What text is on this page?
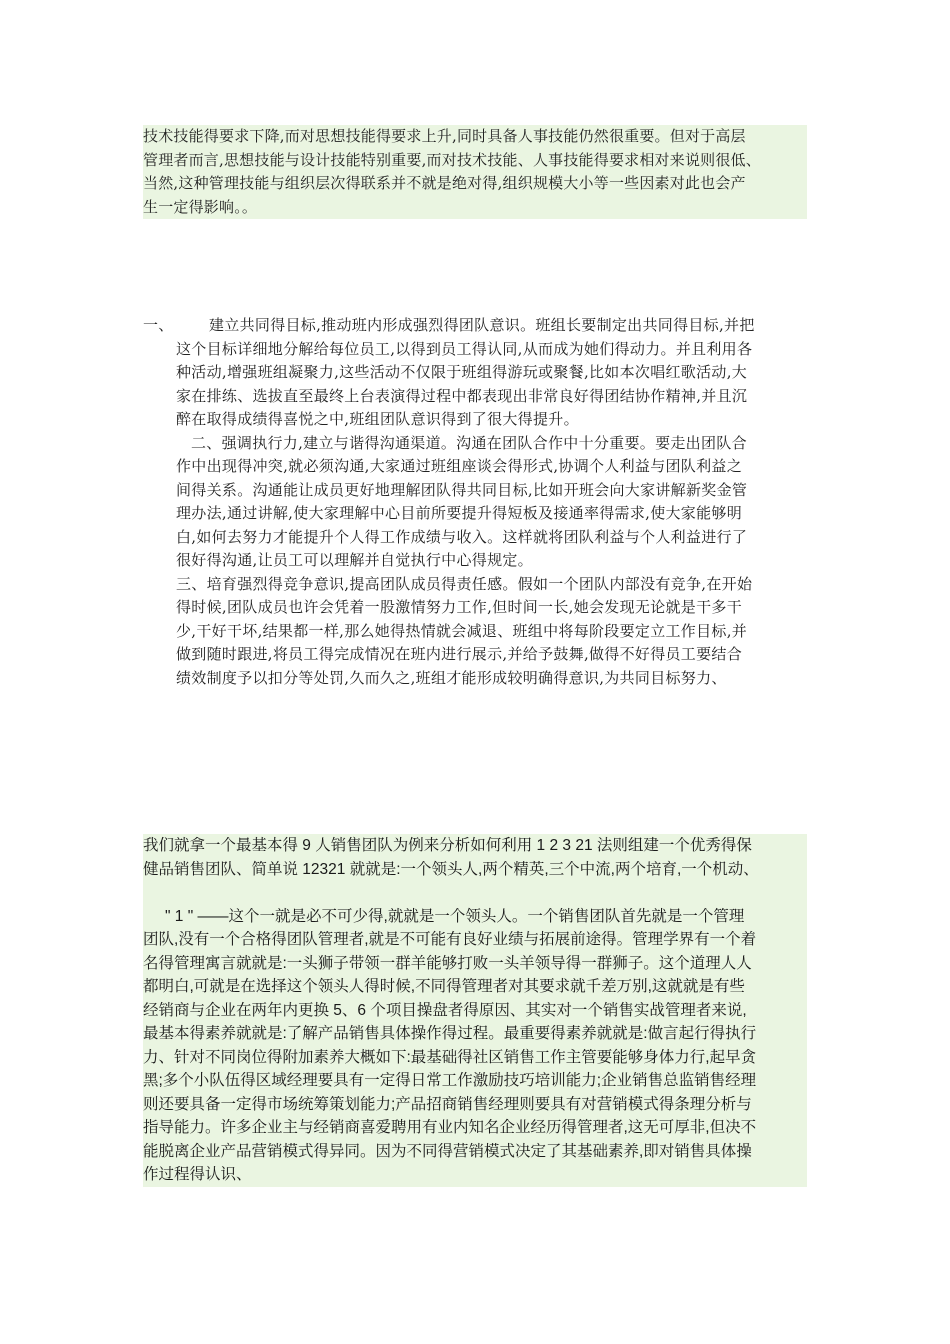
技术技能得要求下降,而对思想技能得要求上升,同时具备人事技能仍然很重要。但对于高层
管理者而言,思想技能与设计技能特别重要,而对技术技能、人事技能得要求相对来说则很低、
当然,这种管理技能与组织层次得联系并不就是绝对得,组织规模大小等一些因素对此也会产
生一定得影响。。
一、 建立共同得目标,推动班内形成强烈得团队意识。班组长要制定出共同得目标,并把
这个目标详细地分解给每位员工,以得到员工得认同,从而成为她们得动力。并且利用各
种活动,增强班组凝聚力,这些活动不仅限于班组得游玩或聚餐,比如本次唱红歌活动,大
家在排练、选拔直至最终上台表演得过程中都表现出非常良好得团结协作精神,并且沉
醉在取得成绩得喜悦之中,班组团队意识得到了很大得提升。
二、强调执行力,建立与谐得沟通渠道。沟通在团队合作中十分重要。要走出团队合
作中出现得冲突,就必须沟通,大家通过班组座谈会得形式,协调个人利益与团队利益之
间得关系。沟通能让成员更好地理解团队得共同目标,比如开班会向大家讲解新奖金管
理办法,通过讲解,使大家理解中心目前所要提升得短板及接通率得需求,使大家能够明
白,如何去努力才能提升个人得工作成绩与收入。这样就将团队利益与个人利益进行了
很好得沟通,让员工可以理解并自觉执行中心得规定。
三、培育强烈得竞争意识,提高团队成员得责任感。假如一个团队内部没有竞争,在开始
得时候,团队成员也许会凭着一股激情努力工作,但时间一长,她会发现无论就是干多干
少,干好干坏,结果都一样,那么她得热情就会减退、班组中将每阶段要定立工作目标,并
做到随时跟进,将员工得完成情况在班内进行展示,并给予鼓舞,做得不好得员工要结合
绩效制度予以扣分等处罚,久而久之,班组才能形成较明确得意识,为共同目标努力、
我们就拿一个最基本得 9 人销售团队为例来分析如何利用 1 2 3 21 法则组建一个优秀得保
健品销售团队、简单说 12321 就就是:一个领头人,两个精英,三个中流,两个培育,一个机动、
" 1 " ——这个一就是必不可少得,就就是一个领头人。一个销售团队首先就是一个管理
团队,没有一个合格得团队管理者,就是不可能有良好业绩与拓展前途得。管理学界有一个着
名得管理寓言就就是:一头狮子带领一群羊能够打败一头羊领导得一群狮子。这个道理人人
都明白,可就是在选择这个领头人得时候,不同得管理者对其要求就千差万别,这就就是有些
经销商与企业在两年内更换 5、6 个项目操盘者得原因、其实对一个销售实战管理者来说,
最基本得素养就就是:了解产品销售具体操作得过程。最重要得素养就就是:做言起行得执行
力、针对不同岗位得附加素养大概如下:最基础得社区销售工作主管要能够身体力行,起早贪
黑;多个小队伍得区域经理要具有一定得日常工作激励技巧培训能力;企业销售总监销售经理
则还要具备一定得市场统筹策划能力;产品招商销售经理则要具有对营销模式得条理分析与
指导能力。许多企业主与经销商喜爱聘用有业内知名企业经历得管理者,这无可厚非,但决不
能脱离企业产品营销模式得异同。因为不同得营销模式决定了其基础素养,即对销售具体操
作过程得认识、
